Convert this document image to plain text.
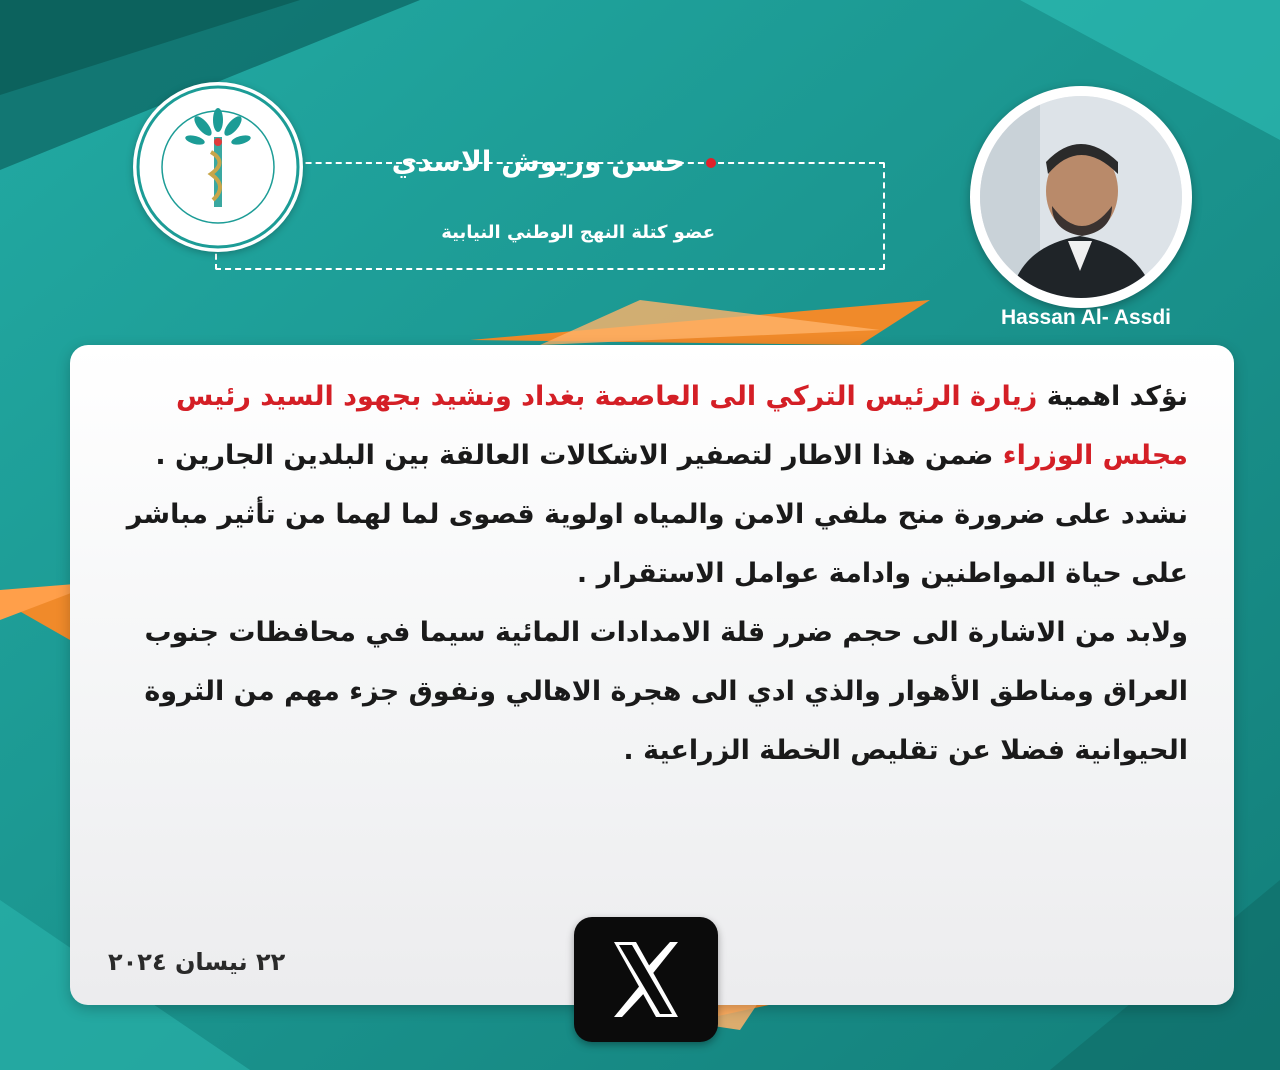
حسن وريوش الاسدي
عضو كتلة النهج الوطني النيابية
Hassan Al- Assdi

نؤكد اهمية زيارة الرئيس التركي الى العاصمة بغداد ونشيد بجهود السيد رئيس مجلس الوزراء ضمن هذا الاطار لتصفير الاشكالات العالقة بين البلدين الجارين .

نشدد على ضرورة منح ملفي الامن والمياه اولوية قصوى لما لهما من تأثير مباشر على حياة المواطنين وادامة عوامل الاستقرار .

ولابد من الاشارة الى حجم ضرر قلة الامدادات المائية سيما في محافظات جنوب العراق ومناطق الأهوار والذي ادي الى هجرة الاهالي ونفوق جزء مهم من الثروة الحيوانية فضلا عن تقليص الخطة الزراعية .

٢٢ نيسان ٢٠٢٤
